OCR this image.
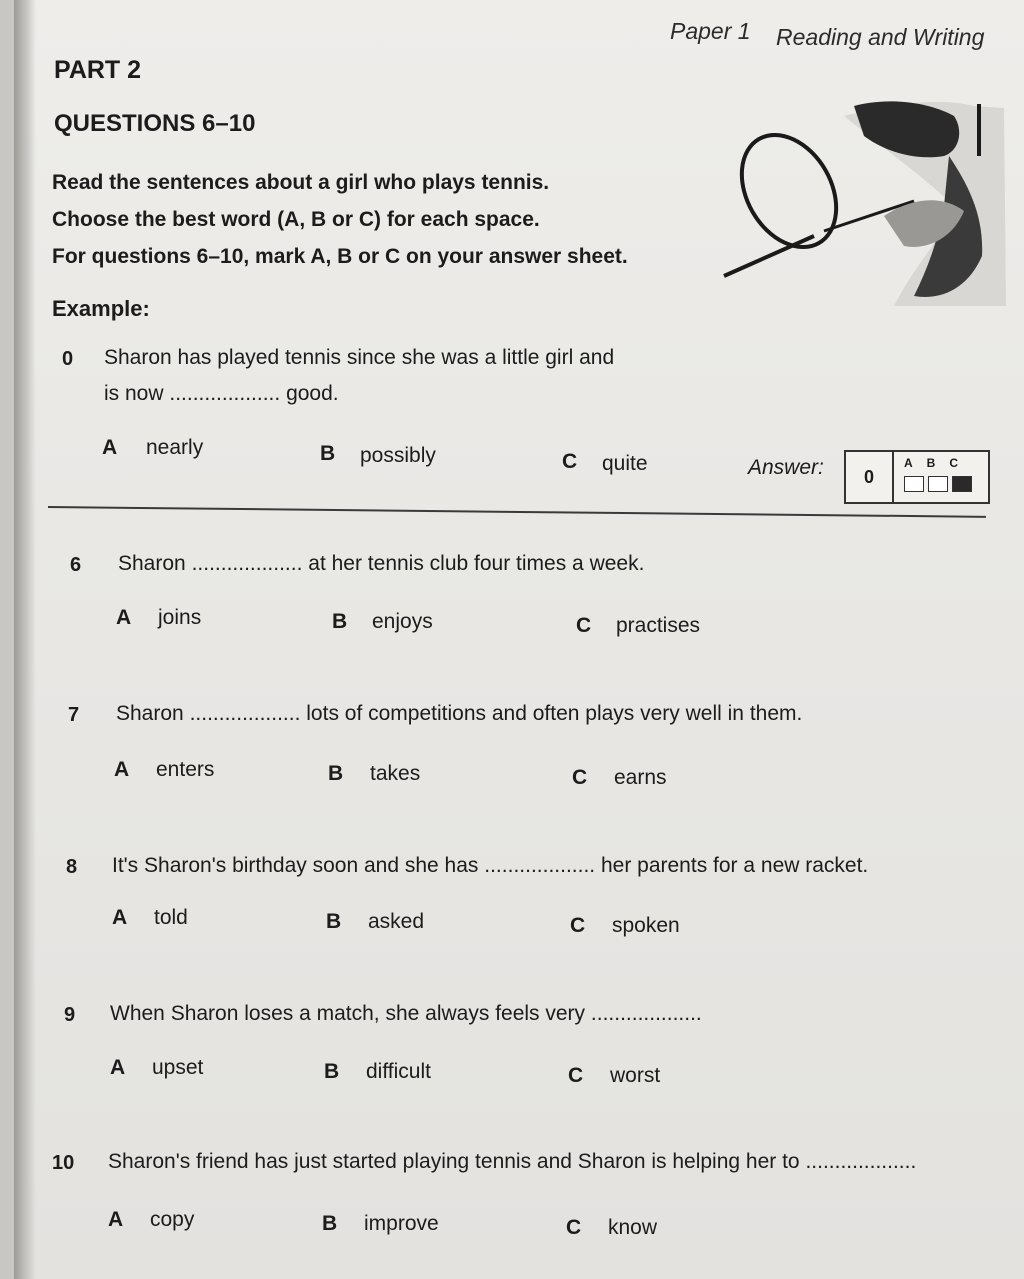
Paper 1 Reading and Writing
PART 2
QUESTIONS 6–10
Read the sentences about a girl who plays tennis.
Choose the best word (A, B or C) for each space.
For questions 6–10, mark A, B or C on your answer sheet.
Example:
0 Sharon has played tennis since she was a little girl and
is now ................... good.
A nearly	B possibly	C quite	Answer:	0
ABC
6 Sharon ................... at her tennis club four times a week.
A joins	B enjoys	C practises
7 Sharon ................... lots of competitions and often plays very well in them.
A enters	B takes	C earns
8 It's Sharon's birthday soon and she has ................... her parents for a new racket.
A told	B asked	C spoken
9 When Sharon loses a match, she always feels very ...................
A upset	B difficult	C worst
10 Sharon's friend has just started playing tennis and Sharon is helping her to ...................
A copy	B improve	C know
